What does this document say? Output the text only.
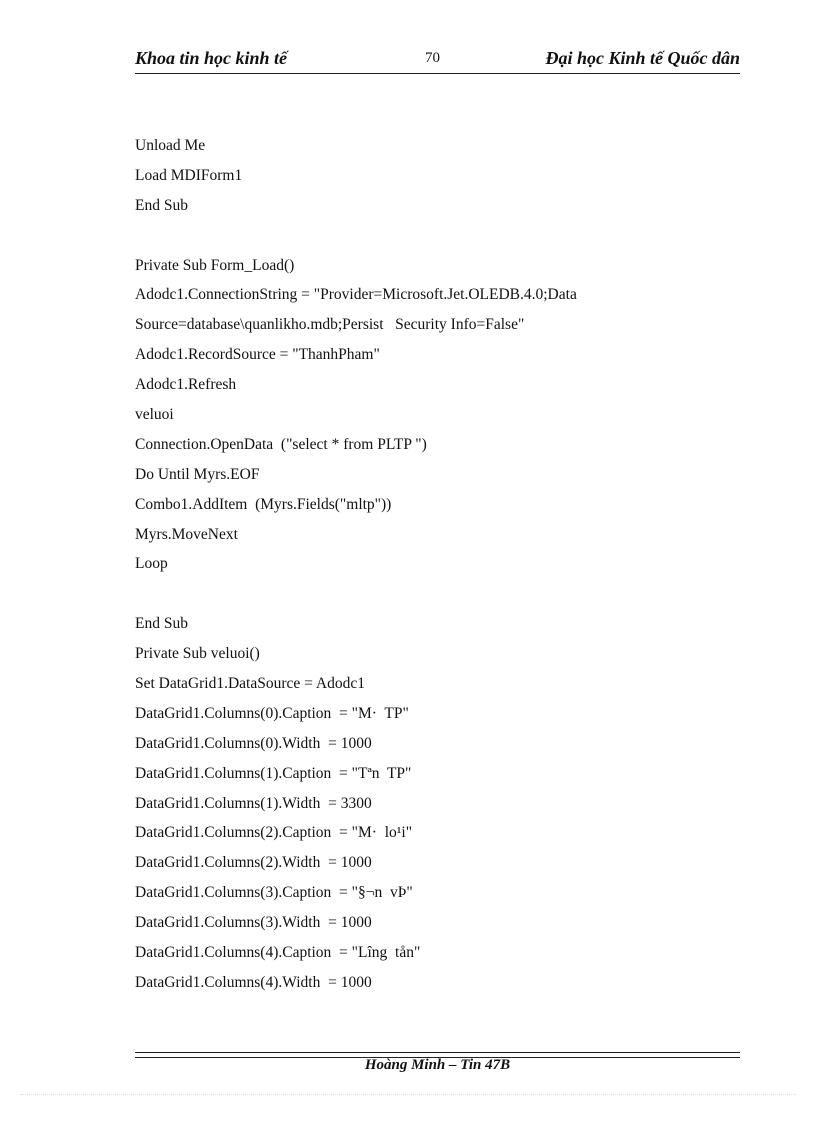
Khoa tin học kinh tế	70	Đại học Kinh tế Quốc dân
Unload Me
Load MDIForm1
End Sub
Private Sub Form_Load()
Adodc1.ConnectionString = "Provider=Microsoft.Jet.OLEDB.4.0;Data
Source=database\quanlikho.mdb;Persist   Security Info=False"
Adodc1.RecordSource = "ThanhPham"
Adodc1.Refresh
veluoi
Connection.OpenData  ("select * from PLTP ")
Do Until Myrs.EOF
Combo1.AddItem  (Myrs.Fields("mltp"))
Myrs.MoveNext
Loop
End Sub
Private Sub veluoi()
Set DataGrid1.DataSource = Adodc1
DataGrid1.Columns(0).Caption  = "M·  TP"
DataGrid1.Columns(0).Width  = 1000
DataGrid1.Columns(1).Caption  = "Tªn  TP"
DataGrid1.Columns(1).Width  = 3300
DataGrid1.Columns(2).Caption  = "M·  lo¹i"
DataGrid1.Columns(2).Width  = 1000
DataGrid1.Columns(3).Caption  = "§¬n  vÞ"
DataGrid1.Columns(3).Width  = 1000
DataGrid1.Columns(4).Caption  = "Lîng  tån"
DataGrid1.Columns(4).Width  = 1000
Hoàng Minh – Tin 47B
